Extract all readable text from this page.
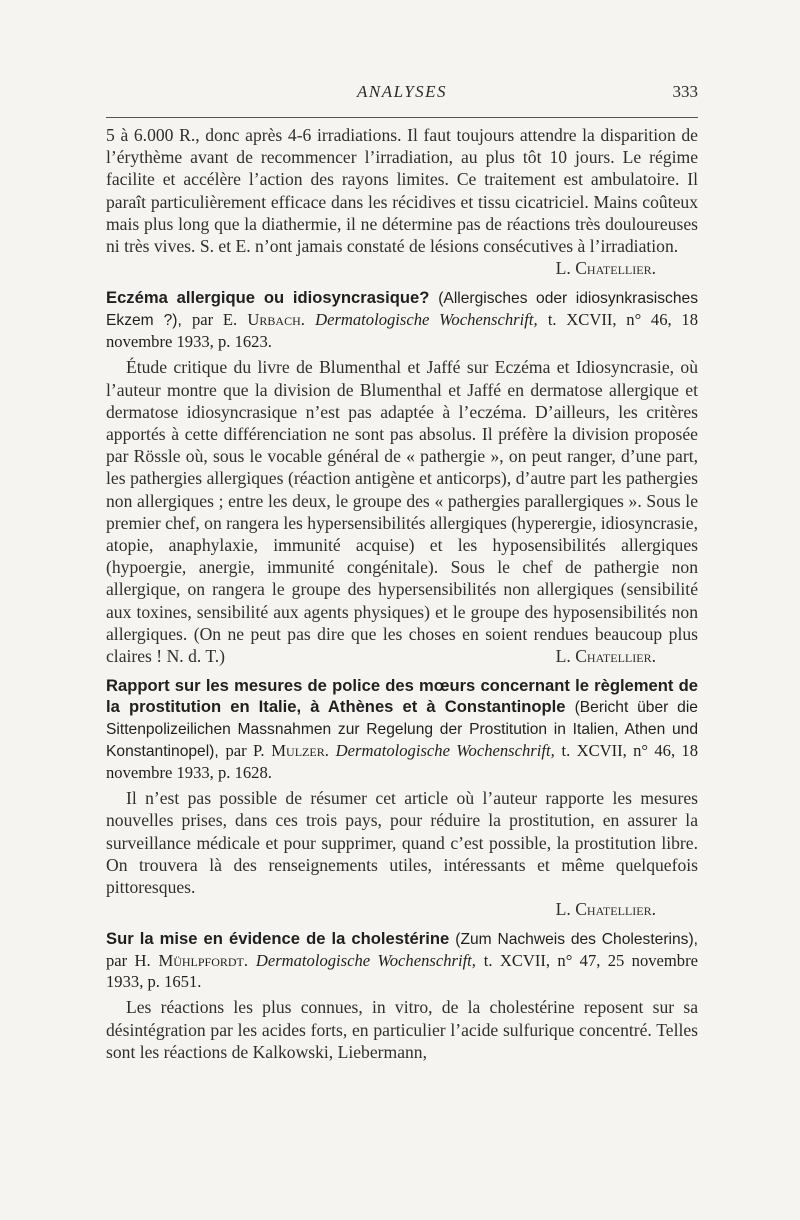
ANALYSES	333

5 à 6.000 R., donc après 4-6 irradiations. Il faut toujours attendre la disparition de l’érythème avant de recommencer l’irradiation, au plus tôt 10 jours. Le régime facilite et accélère l’action des rayons limites. Ce traitement est ambulatoire. Il paraît particulièrement efficace dans les récidives et tissu cicatriciel. Mains coûteux mais plus long que la diathermie, il ne détermine pas de réactions très douloureuses ni très vives. S. et E. n’ont jamais constaté de lésions consécutives à l’irradiation.

L. Chatellier.

Eczéma allergique ou idiosyncrasique? (Allergisches oder idiosynkrasisches Ekzem ?), par E. Urbach. Dermatologische Wochenschrift, t. XCVII, n° 46, 18 novembre 1933, p. 1623.

Étude critique du livre de Blumenthal et Jaffé sur Eczéma et Idiosyncrasie, où l’auteur montre que la division de Blumenthal et Jaffé en dermatose allergique et dermatose idiosyncrasique n’est pas adaptée à l’eczéma. D’ailleurs, les critères apportés à cette différenciation ne sont pas absolus. Il préfère la division proposée par Rössle où, sous le vocable général de « pathergie », on peut ranger, d’une part, les pathergies allergiques (réaction antigène et anticorps), d’autre part les pathergies non allergiques ; entre les deux, le groupe des « pathergies parallergiques ». Sous le premier chef, on rangera les hypersensibilités allergiques (hyperergie, idiosyncrasie, atopie, anaphylaxie, immunité acquise) et les hyposensibilités allergiques (hypoergie, anergie, immunité congénitale). Sous le chef de pathergie non allergique, on rangera le groupe des hypersensibilités non allergiques (sensibilité aux toxines, sensibilité aux agents physiques) et le groupe des hyposensibilités non allergiques. (On ne peut pas dire que les choses en soient rendues beaucoup plus claires ! N. d. T.)	L. Chatellier.

Rapport sur les mesures de police des mœurs concernant le règlement de la prostitution en Italie, à Athènes et à Constantinople (Bericht über die Sittenpolizeilichen Massnahmen zur Regelung der Prostitution in Italien, Athen und Konstantinopel), par P. Mulzer. Dermatologische Wochenschrift, t. XCVII, n° 46, 18 novembre 1933, p. 1628.

Il n’est pas possible de résumer cet article où l’auteur rapporte les mesures nouvelles prises, dans ces trois pays, pour réduire la prostitution, en assurer la surveillance médicale et pour supprimer, quand c’est possible, la prostitution libre. On trouvera là des renseignements utiles, intéressants et même quelquefois pittoresques.

L. Chatellier.

Sur la mise en évidence de la cholestérine (Zum Nachweis des Cholesterins), par H. Mühlpfordt. Dermatologische Wochenschrift, t. XCVII, n° 47, 25 novembre 1933, p. 1651.

Les réactions les plus connues, in vitro, de la cholestérine reposent sur sa désintégration par les acides forts, en particulier l’acide sulfurique concentré. Telles sont les réactions de Kalkowski, Liebermann,
